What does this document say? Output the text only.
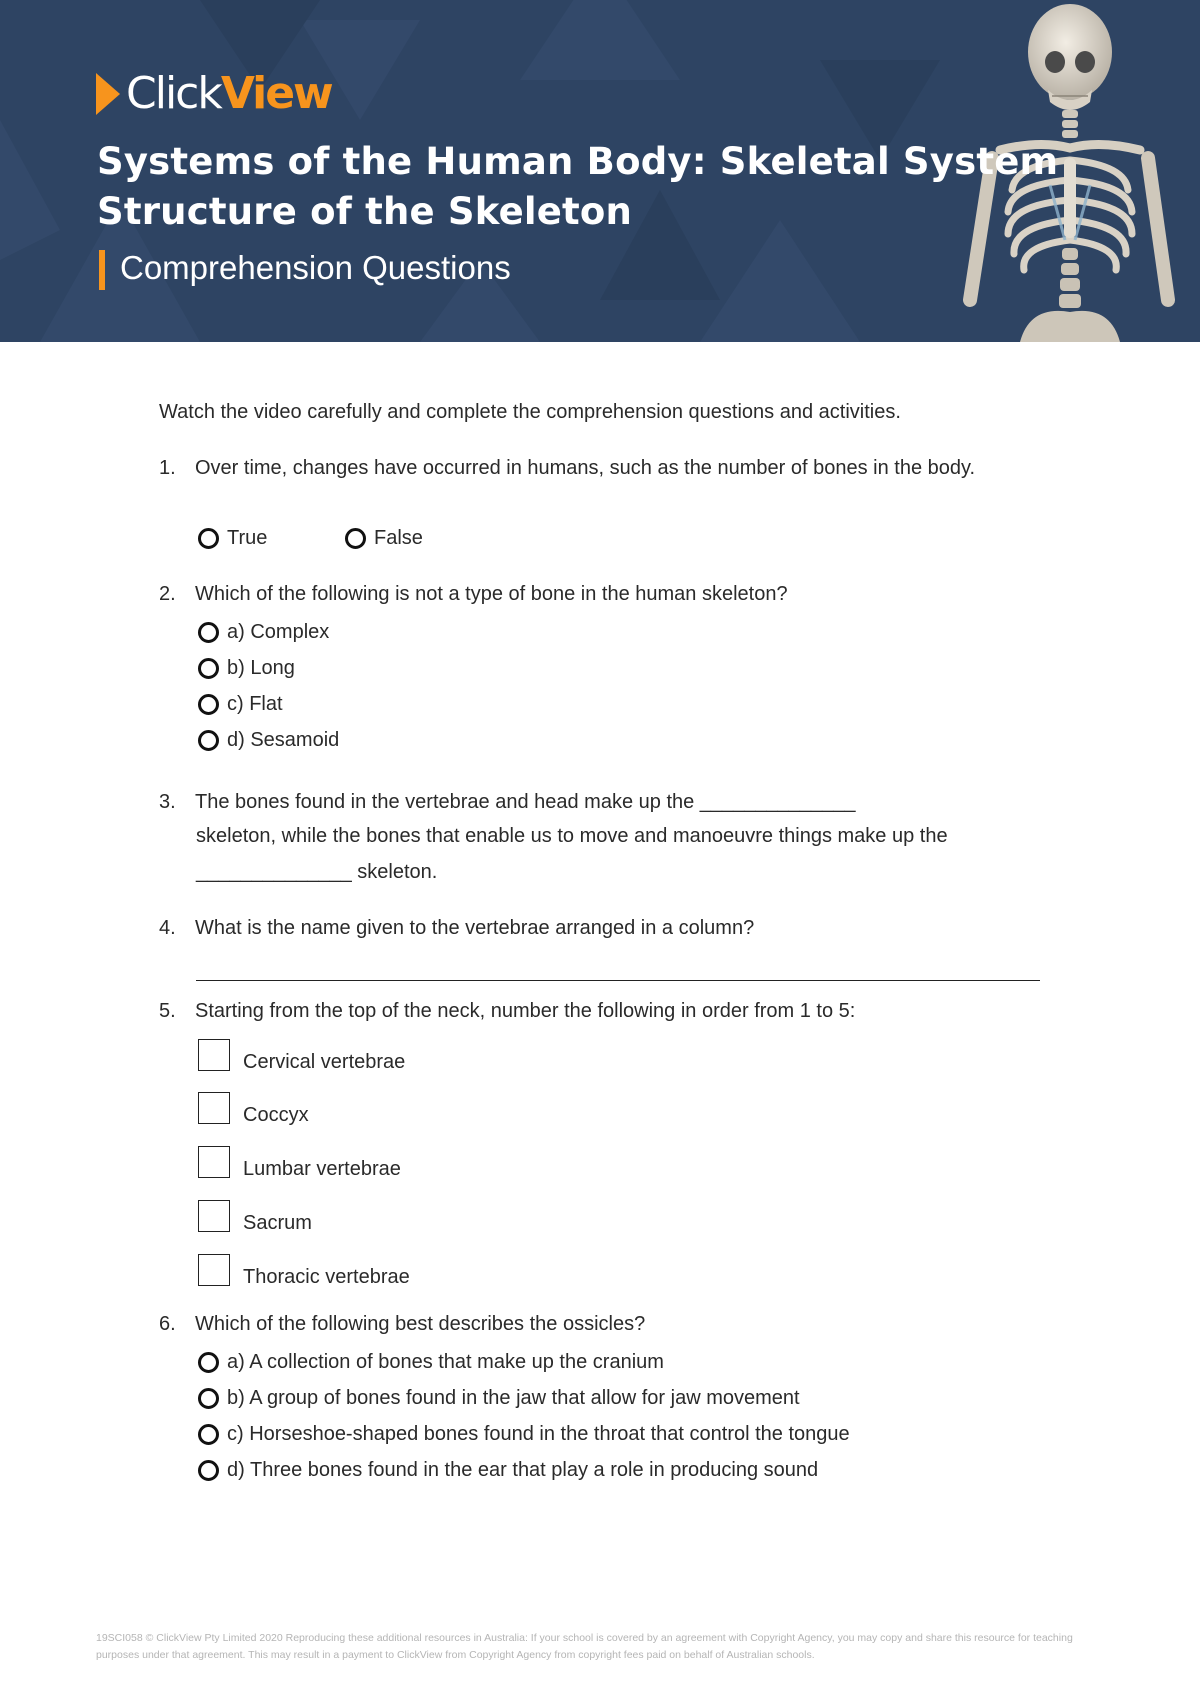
ClickView
Systems of the Human Body: Skeletal System
Structure of the Skeleton
Comprehension Questions
Watch the video carefully and complete the comprehension questions and activities.
1. Over time, changes have occurred in humans, such as the number of bones in the body.
True	False
2. Which of the following is not a type of bone in the human skeleton?
a) Complex
b) Long
c) Flat
d) Sesamoid
3. The bones found in the vertebrae and head make up the ______________
skeleton, while the bones that enable us to move and manoeuvre things make up the
______________ skeleton.
4. What is the name given to the vertebrae arranged in a column?
5. Starting from the top of the neck, number the following in order from 1 to 5:
Cervical vertebrae
Coccyx
Lumbar vertebrae
Sacrum
Thoracic vertebrae
6. Which of the following best describes the ossicles?
a) A collection of bones that make up the cranium
b) A group of bones found in the jaw that allow for jaw movement
c) Horseshoe-shaped bones found in the throat that control the tongue
d) Three bones found in the ear that play a role in producing sound
19SCI058 © ClickView Pty Limited 2020 Reproducing these additional resources in Australia: If your school is covered by an agreement with Copyright Agency, you may copy and share this resource for teaching purposes under that agreement. This may result in a payment to ClickView from Copyright Agency from copyright fees paid on behalf of Australian schools.
